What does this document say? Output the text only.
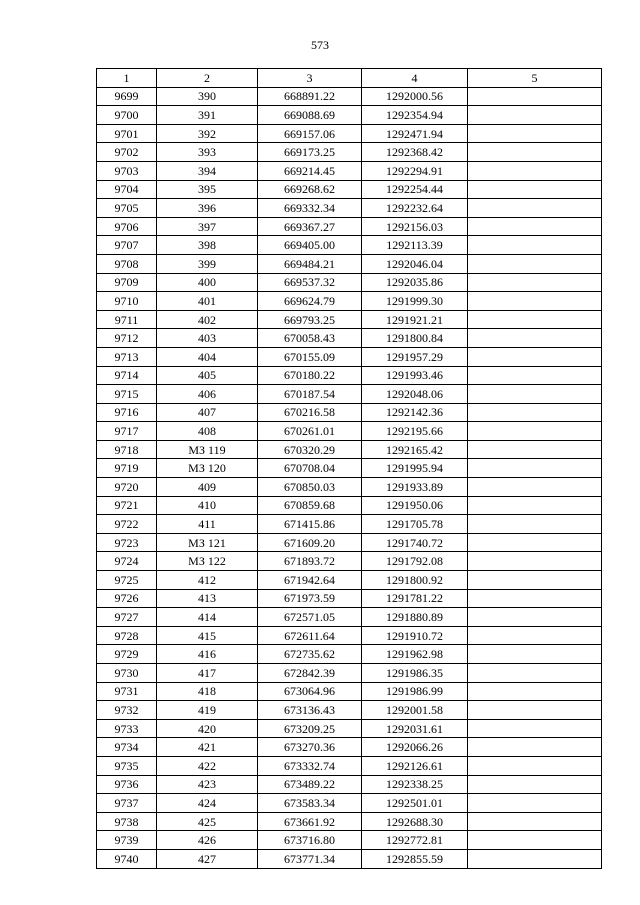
573
1	2	3	4	5
9699	390	668891.22	1292000.56	
9700	391	669088.69	1292354.94	
9701	392	669157.06	1292471.94	
9702	393	669173.25	1292368.42	
9703	394	669214.45	1292294.91	
9704	395	669268.62	1292254.44	
9705	396	669332.34	1292232.64	
9706	397	669367.27	1292156.03	
9707	398	669405.00	1292113.39	
9708	399	669484.21	1292046.04	
9709	400	669537.32	1292035.86	
9710	401	669624.79	1291999.30	
9711	402	669793.25	1291921.21	
9712	403	670058.43	1291800.84	
9713	404	670155.09	1291957.29	
9714	405	670180.22	1291993.46	
9715	406	670187.54	1292048.06	
9716	407	670216.58	1292142.36	
9717	408	670261.01	1292195.66	
9718	МЗ 119	670320.29	1292165.42	
9719	МЗ 120	670708.04	1291995.94	
9720	409	670850.03	1291933.89	
9721	410	670859.68	1291950.06	
9722	411	671415.86	1291705.78	
9723	МЗ 121	671609.20	1291740.72	
9724	МЗ 122	671893.72	1291792.08	
9725	412	671942.64	1291800.92	
9726	413	671973.59	1291781.22	
9727	414	672571.05	1291880.89	
9728	415	672611.64	1291910.72	
9729	416	672735.62	1291962.98	
9730	417	672842.39	1291986.35	
9731	418	673064.96	1291986.99	
9732	419	673136.43	1292001.58	
9733	420	673209.25	1292031.61	
9734	421	673270.36	1292066.26	
9735	422	673332.74	1292126.61	
9736	423	673489.22	1292338.25	
9737	424	673583.34	1292501.01	
9738	425	673661.92	1292688.30	
9739	426	673716.80	1292772.81	
9740	427	673771.34	1292855.59	
